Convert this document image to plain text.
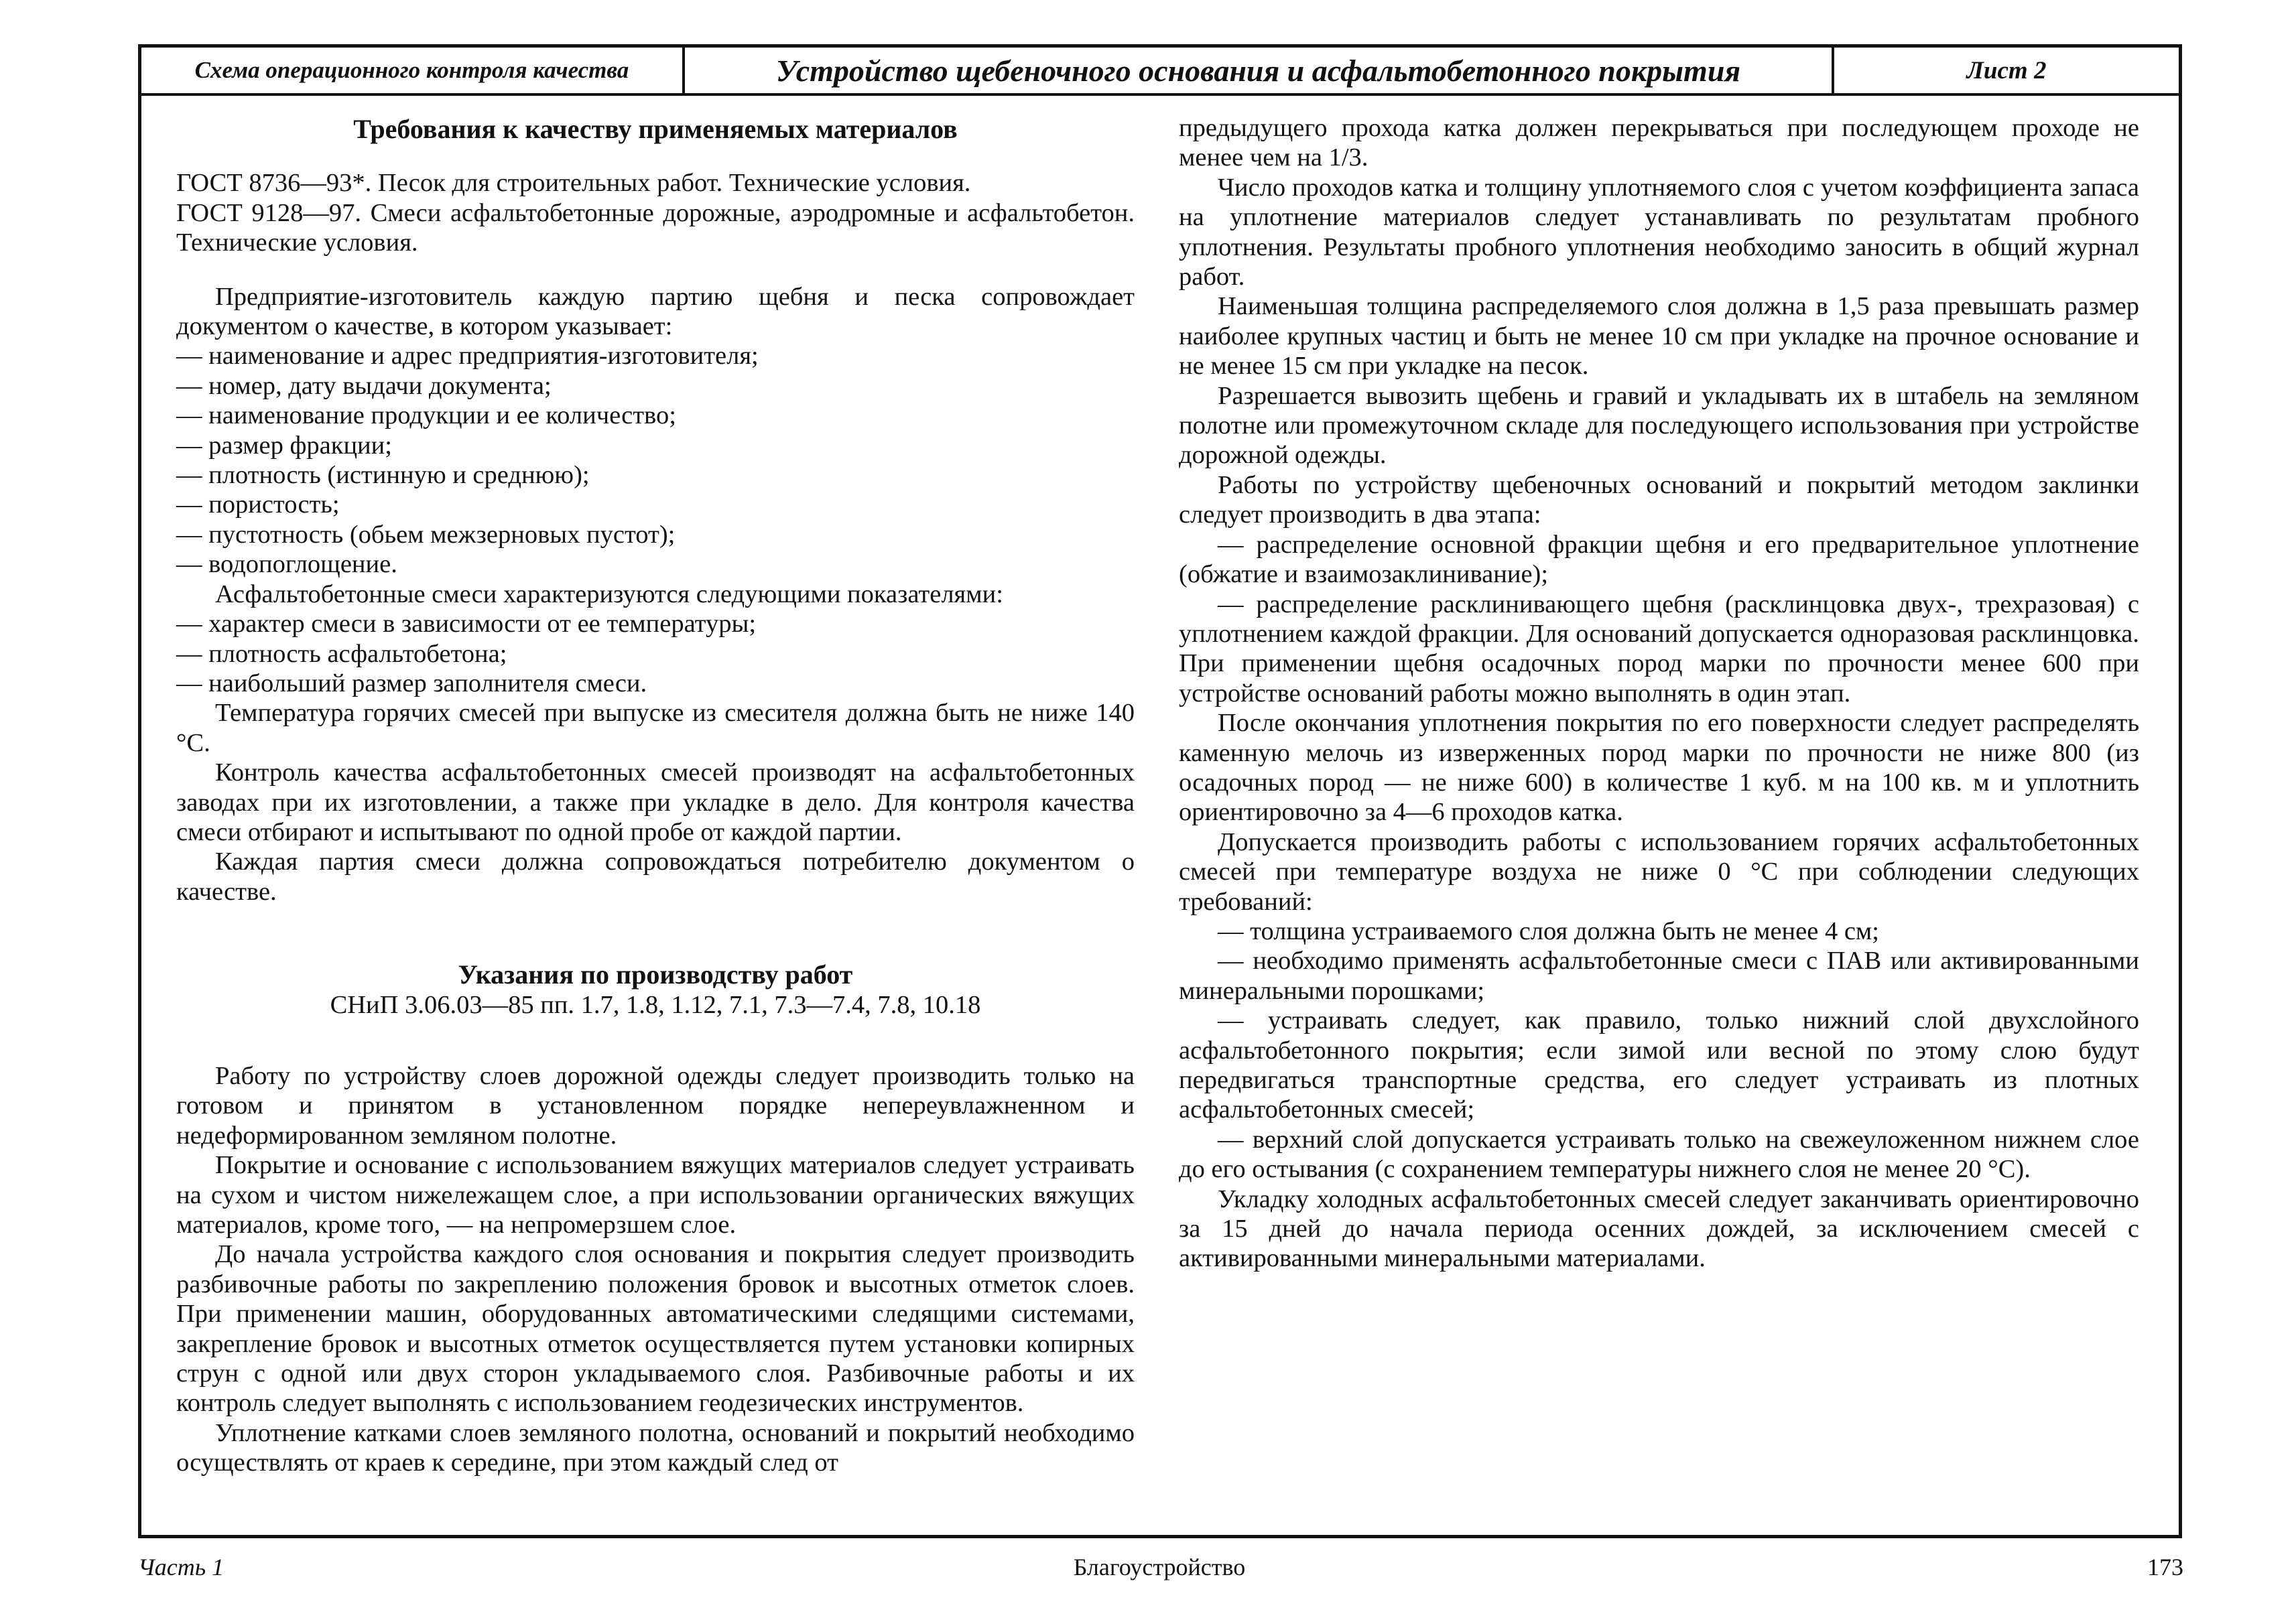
Схема операционного контроля качества	Устройство щебеночного основания и асфальтобетонного покрытия	Лист 2

Требования к качеству применяемых материалов

ГОСТ 8736—93*. Песок для строительных работ. Технические условия.

ГОСТ 9128—97. Смеси асфальтобетонные дорожные, аэродромные и асфальтобетон. Технические условия.

Предприятие-изготовитель каждую партию щебня и песка сопровождает документом о качестве, в котором указывает:

— наименование и адрес предприятия-изготовителя;

— номер, дату выдачи документа;

— наименование продукции и ее количество;

— размер фракции;

— плотность (истинную и среднюю);

— пористость;

— пустотность (обьем межзерновых пустот);

— водопоглощение.

Асфальтобетонные смеси характеризуются следующими показателями:

— характер смеси в зависимости от ее температуры;

— плотность асфальтобетона;

— наибольший размер заполнителя смеси.

Температура горячих смесей при выпуске из смесителя должна быть не ниже 140 °С.

Контроль качества асфальтобетонных смесей производят на асфальтобетонных заводах при их изготовлении, а также при укладке в дело. Для контроля качества смеси отбирают и испытывают по одной пробе от каждой партии.

Каждая партия смеси должна сопровождаться потребителю документом о качестве.

Указания по производству работ

СНиП 3.06.03—85 пп. 1.7, 1.8, 1.12, 7.1, 7.3—7.4, 7.8, 10.18

Работу по устройству слоев дорожной одежды следует производить только на готовом и принятом в установленном порядке непереувлажненном и недеформированном земляном полотне.

Покрытие и основание с использованием вяжущих материалов следует устраивать на сухом и чистом нижележащем слое, а при использовании органических вяжущих материалов, кроме того, — на непромерзшем слое.

До начала устройства каждого слоя основания и покрытия следует производить разбивочные работы по закреплению положения бровок и высотных отметок слоев. При применении машин, оборудованных автоматическими следящими системами, закрепление бровок и высотных отметок осуществляется путем установки копирных струн с одной или двух сторон укладываемого слоя. Разбивочные работы и их контроль следует выполнять с использованием геодезических инструментов.

Уплотнение катками слоев земляного полотна, оснований и покрытий необходимо осуществлять от краев к середине, при этом каждый след от

предыдущего прохода катка должен перекрываться при последующем проходе не менее чем на 1/3.

Число проходов катка и толщину уплотняемого слоя с учетом коэффициента запаса на уплотнение материалов следует устанавливать по результатам пробного уплотнения. Результаты пробного уплотнения необходимо заносить в общий журнал работ.

Наименьшая толщина распределяемого слоя должна в 1,5 раза превышать размер наиболее крупных частиц и быть не менее 10 см при укладке на прочное основание и не менее 15 см при укладке на песок.

Разрешается вывозить щебень и гравий и укладывать их в штабель на земляном полотне или промежуточном складе для последующего использования при устройстве дорожной одежды.

Работы по устройству щебеночных оснований и покрытий методом заклинки следует производить в два этапа:

— распределение основной фракции щебня и его предварительное уплотнение (обжатие и взаимозаклинивание);

— распределение расклинивающего щебня (расклинцовка двух-, трехразовая) с уплотнением каждой фракции. Для оснований допускается одноразовая расклинцовка. При применении щебня осадочных пород марки по прочности менее 600 при устройстве оснований работы можно выполнять в один этап.

После окончания уплотнения покрытия по его поверхности следует распределять каменную мелочь из изверженных пород марки по прочности не ниже 800 (из осадочных пород — не ниже 600) в количестве 1 куб. м на 100 кв. м и уплотнить ориентировочно за 4—6 проходов катка.

Допускается производить работы с использованием горячих асфальтобетонных смесей при температуре воздуха не ниже 0 °С при соблюдении следующих требований:

— толщина устраиваемого слоя должна быть не менее 4 см;

— необходимо применять асфальтобетонные смеси с ПАВ или активированными минеральными порошками;

— устраивать следует, как правило, только нижний слой двухслойного асфальтобетонного покрытия; если зимой или весной по этому слою будут передвигаться транспортные средства, его следует устраивать из плотных асфальтобетонных смесей;

— верхний слой допускается устраивать только на свежеуложенном нижнем слое до его остывания (с сохранением температуры нижнего слоя не менее 20 °С).

Укладку холодных асфальтобетонных смесей следует заканчивать ориентировочно за 15 дней до начала периода осенних дождей, за исключением смесей с активированными минеральными материалами.

Часть 1	Благоустройство	173
